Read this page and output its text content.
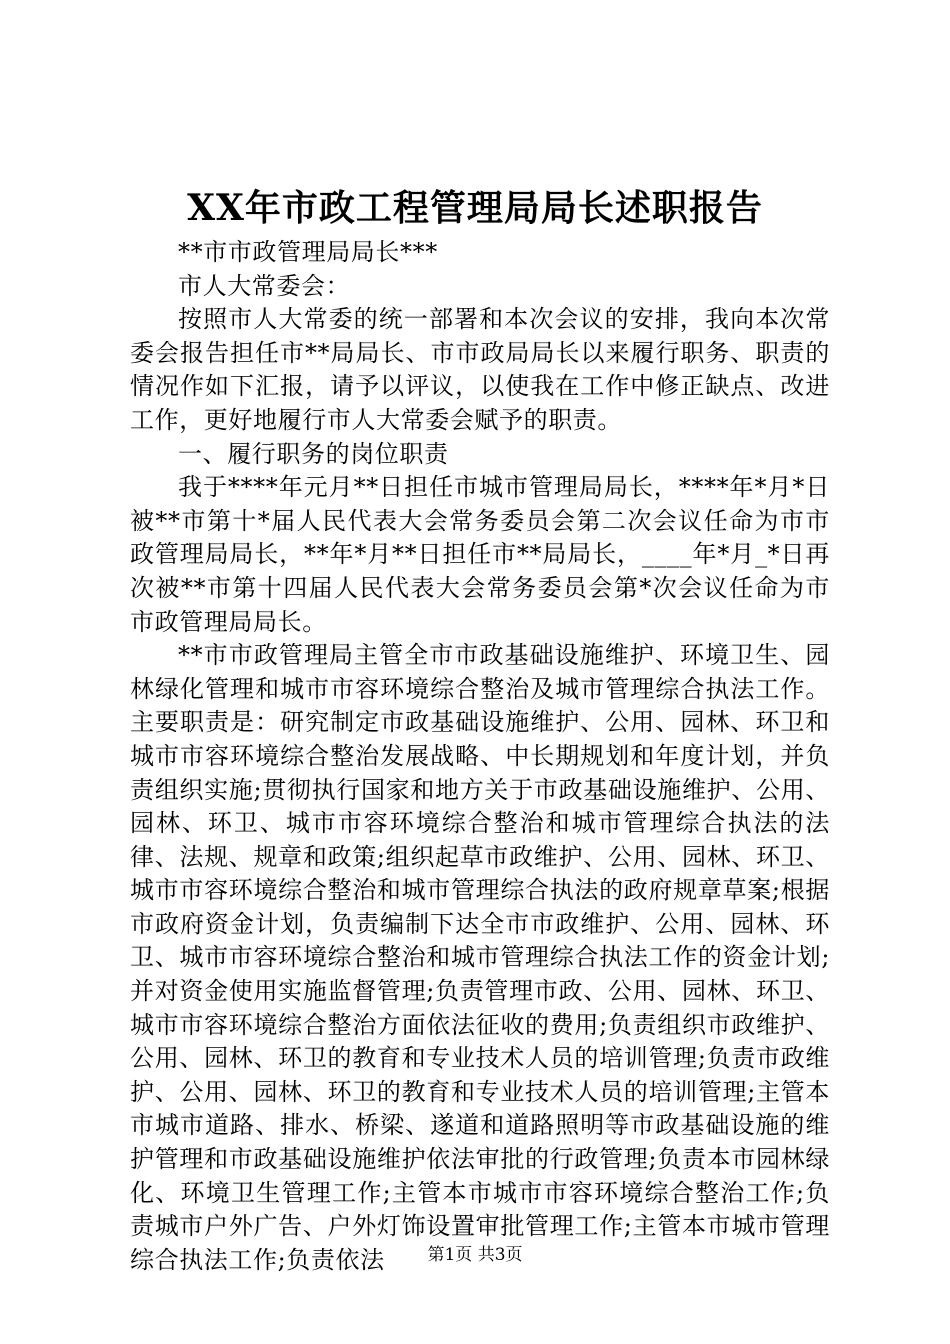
XX年市政工程管理局局长述职报告

**市市政管理局局长***

市人大常委会：

按照市人大常委的统一部署和本次会议的安排，我向本次常委会报告担任市**局局长、市市政局局长以来履行职务、职责的情况作如下汇报，请予以评议，以使我在工作中修正缺点、改进工作，更好地履行市人大常委会赋予的职责。

一、履行职务的岗位职责

我于****年元月**日担任市城市管理局局长，****年*月*日被**市第十*届人民代表大会常务委员会第二次会议任命为市市政管理局局长，**年*月**日担任市**局局长，____年*月_*日再次被**市第十四届人民代表大会常务委员会第*次会议任命为市市政管理局局长。

**市市政管理局主管全市市政基础设施维护、环境卫生、园林绿化管理和城市市容环境综合整治及城市管理综合执法工作。主要职责是：研究制定市政基础设施维护、公用、园林、环卫和城市市容环境综合整治发展战略、中长期规划和年度计划，并负责组织实施;贯彻执行国家和地方关于市政基础设施维护、公用、园林、环卫、城市市容环境综合整治和城市管理综合执法的法律、法规、规章和政策;组织起草市政维护、公用、园林、环卫、城市市容环境综合整治和城市管理综合执法的政府规章草案;根据市政府资金计划，负责编制下达全市市政维护、公用、园林、环卫、城市市容环境综合整治和城市管理综合执法工作的资金计划;并对资金使用实施监督管理;负责管理市政、公用、园林、环卫、城市市容环境综合整治方面依法征收的费用;负责组织市政维护、公用、园林、环卫的教育和专业技术人员的培训管理;负责市政维护、公用、园林、环卫的教育和专业技术人员的培训管理;主管本市城市道路、排水、桥梁、遂道和道路照明等市政基础设施的维护管理和市政基础设施维护依法审批的行政管理;负责本市园林绿化、环境卫生管理工作;主管本市城市市容环境综合整治工作;负责城市户外广告、户外灯饰设置审批管理工作;主管本市城市管理综合执法工作;负责依法	第1页 共3页
